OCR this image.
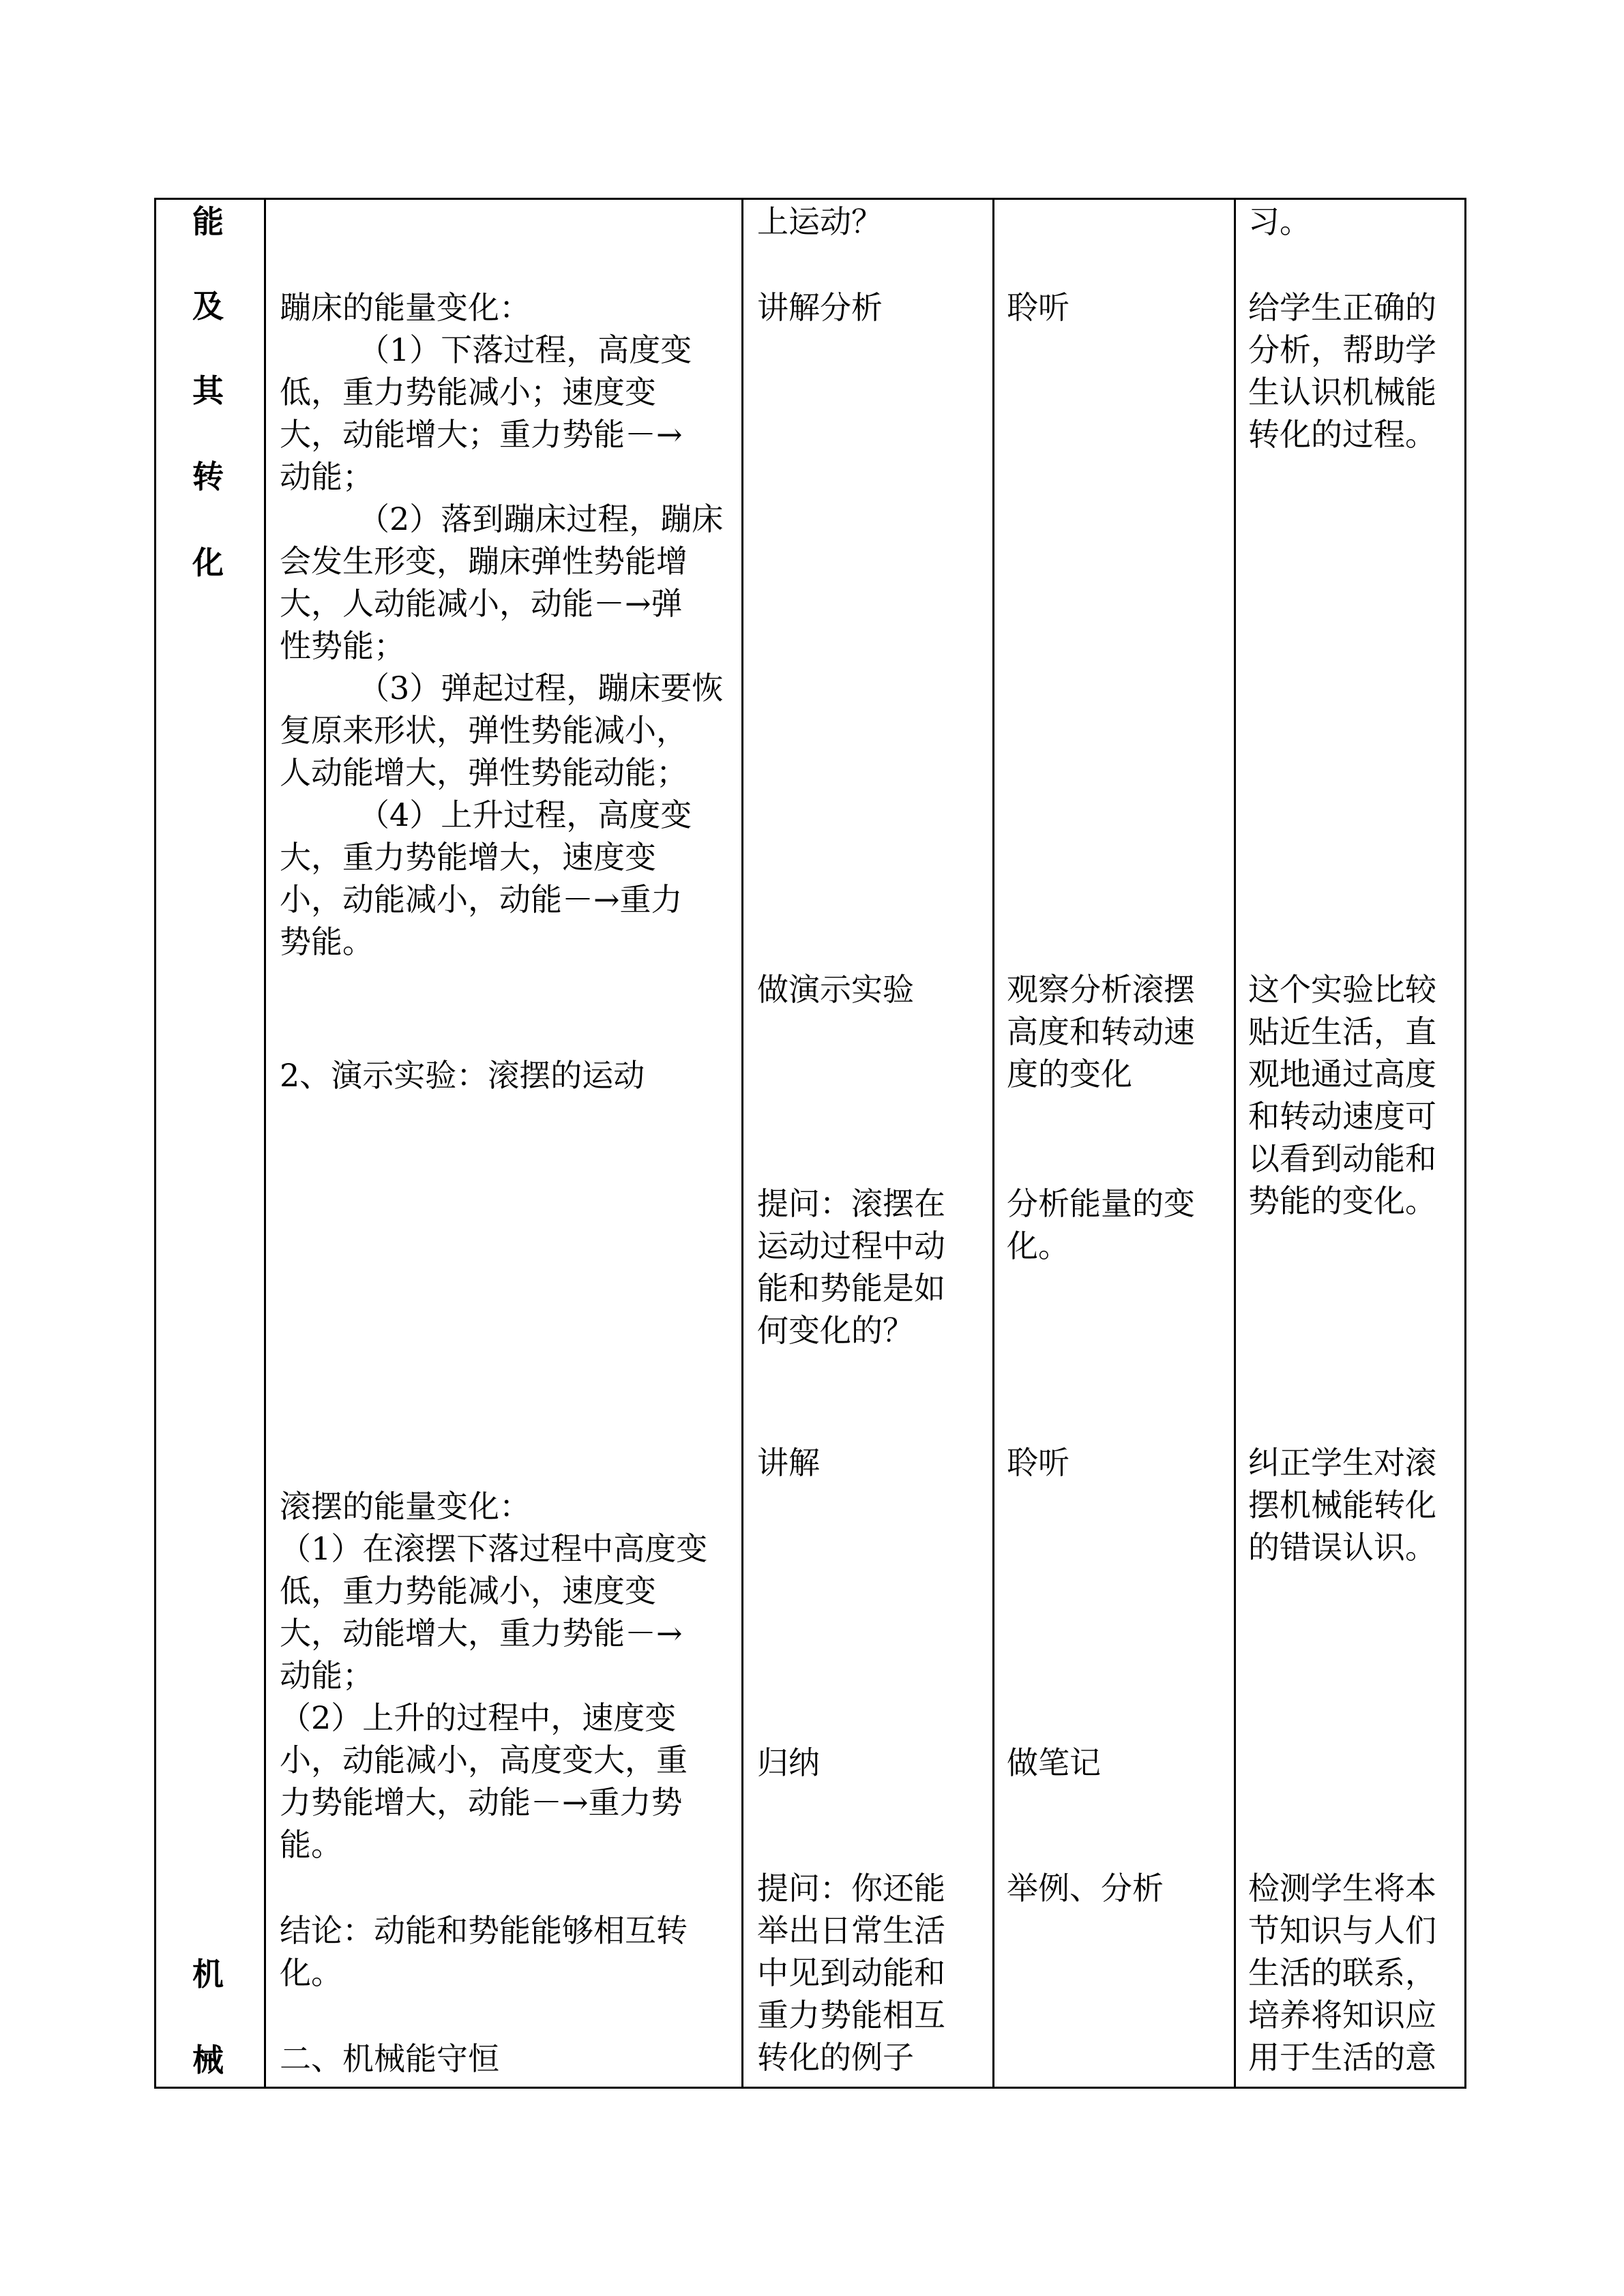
能
及
其
转
化
机
械
蹦床的能量变化：
（1）下落过程，高度变
低，重力势能减小；速度变
大，动能增大；重力势能－→
动能；
（2）落到蹦床过程，蹦床
会发生形变，蹦床弹性势能增
大，人动能减小，动能－→弹
性势能；
（3）弹起过程，蹦床要恢
复原来形状，弹性势能减小，
人动能增大，弹性势能动能；
（4）上升过程，高度变
大，重力势能增大，速度变
小，动能减小，动能－→重力
势能。
2、演示实验：滚摆的运动
滚摆的能量变化：
（1）在滚摆下落过程中高度变
低，重力势能减小，速度变
大，动能增大，重力势能－→
动能；
（2）上升的过程中，速度变
小，动能减小，高度变大，重
力势能增大，动能－→重力势
能。
结论：动能和势能能够相互转
化。
二、机械能守恒
上运动？
讲解分析
做演示实验
提问：滚摆在
运动过程中动
能和势能是如
何变化的？
讲解
归纳
提问：你还能
举出日常生活
中见到动能和
重力势能相互
转化的例子
聆听
观察分析滚摆
高度和转动速
度的变化
分析能量的变
化。
聆听
做笔记
举例、分析
习。
给学生正确的
分析，帮助学
生认识机械能
转化的过程。
这个实验比较
贴近生活，直
观地通过高度
和转动速度可
以看到动能和
势能的变化。
纠正学生对滚
摆机械能转化
的错误认识。
检测学生将本
节知识与人们
生活的联系，
培养将知识应
用于生活的意
